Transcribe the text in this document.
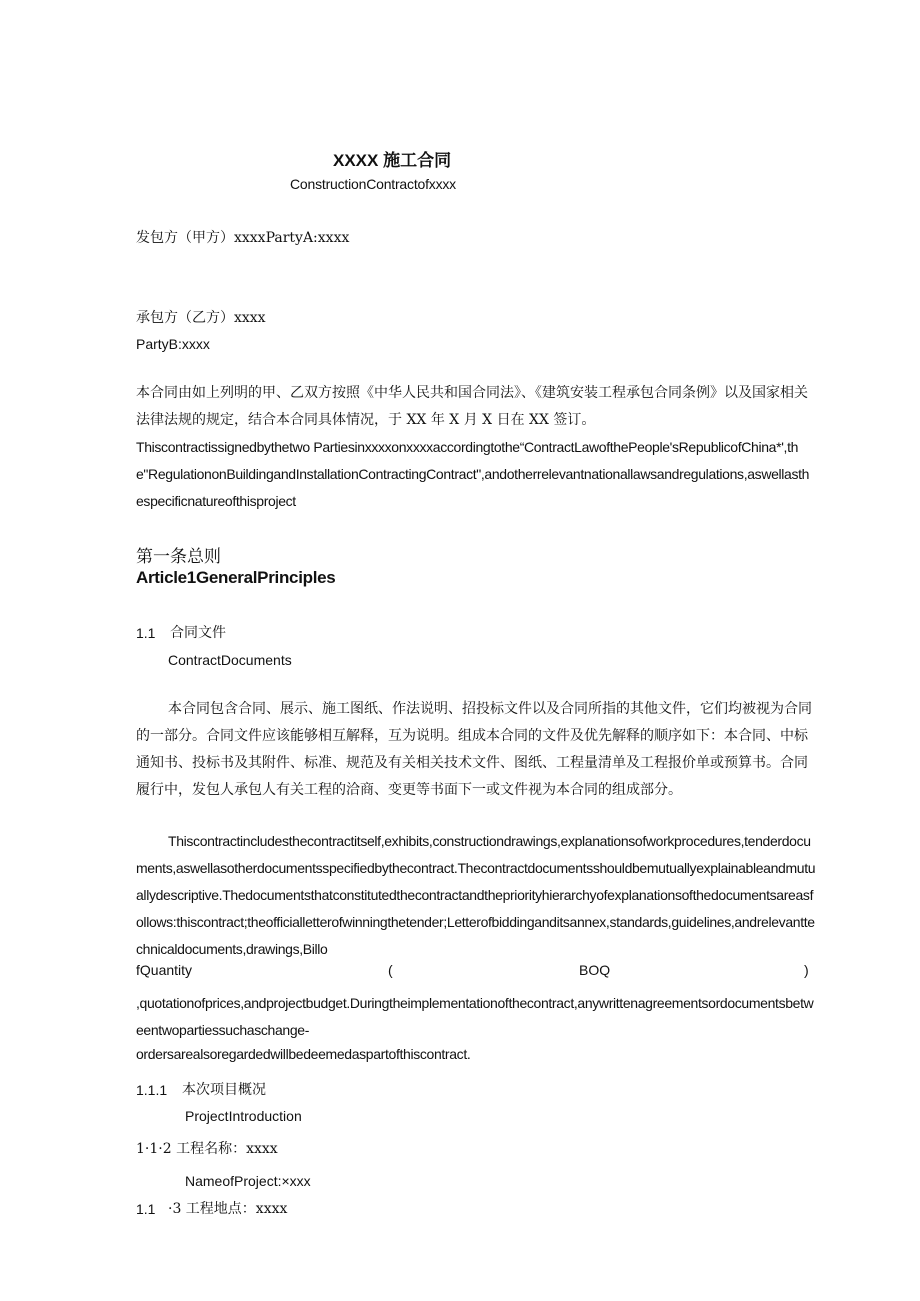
XXXX 施工合同
ConstructionContractofxxxx
发包方（甲方）xxxxPartyA:xxxx
承包方（乙方）xxxx
PartyB:xxxx
本合同由如上列明的甲、乙双方按照《中华人民共和国合同法》、《建筑安装工程承包合同条例》以及国家相关法律法规的规定，结合本合同具体情况，于 XX 年 X 月 X 日在 XX 签订。
Thiscontractissignedbythetwo Partiesinxxxxonxxxxaccordingtothe“ContractLawofthePeople'sRepublicofChina*',the"RegulationonBuildingandInstallationContractingContract",andotherrelevantnationallawsandregulations,aswellasthespecificnatureofthisproject
第一条总则
Article1GeneralPrinciples
1.1 合同文件
ContractDocuments
本合同包含合同、展示、施工图纸、作法说明、招投标文件以及合同所指的其他文件，它们均被视为合同的一部分。合同文件应该能够相互解释，互为说明。组成本合同的文件及优先解释的顺序如下：本合同、中标通知书、投标书及其附件、标准、规范及有关相关技术文件、图纸、工程量清单及工程报价单或预算书。合同履行中，发包人承包人有关工程的洽商、变更等书面下一或文件视为本合同的组成部分。
Thiscontractincludesthecontractitself,exhibits,constructiondrawings,explanationsofworkprocedures,tenderdocuments,aswellasotherdocumentsspecifiedbythecontract.Thecontractdocumentsshouldbemutuallyexplainableandmutuallydescriptive.Thedocumentsthatconstitutedthecontractandthepriorityhierarchyofexplanationsofthedocumentsareasfollows:thiscontract;theofficialletterofwinningthetender;Letterofbiddinganditsannex,standards,guidelines,andrelevanttechnicaldocuments,drawings,Billo
fQuantity	(	BOQ	)
,quotationofprices,andprojectbudget.Duringtheimplementationofthecontract,anywrittenagreementsordocumentsbetweentwopartiessuchaschange-
ordersarealsoregardedwillbedeemedaspartofthiscontract.
1.1.1 本次项目概况
ProjectIntroduction
1·1·2 工程名称：xxxx
NameofProject:×xxx
1.1 ·3 工程地点：xxxx
